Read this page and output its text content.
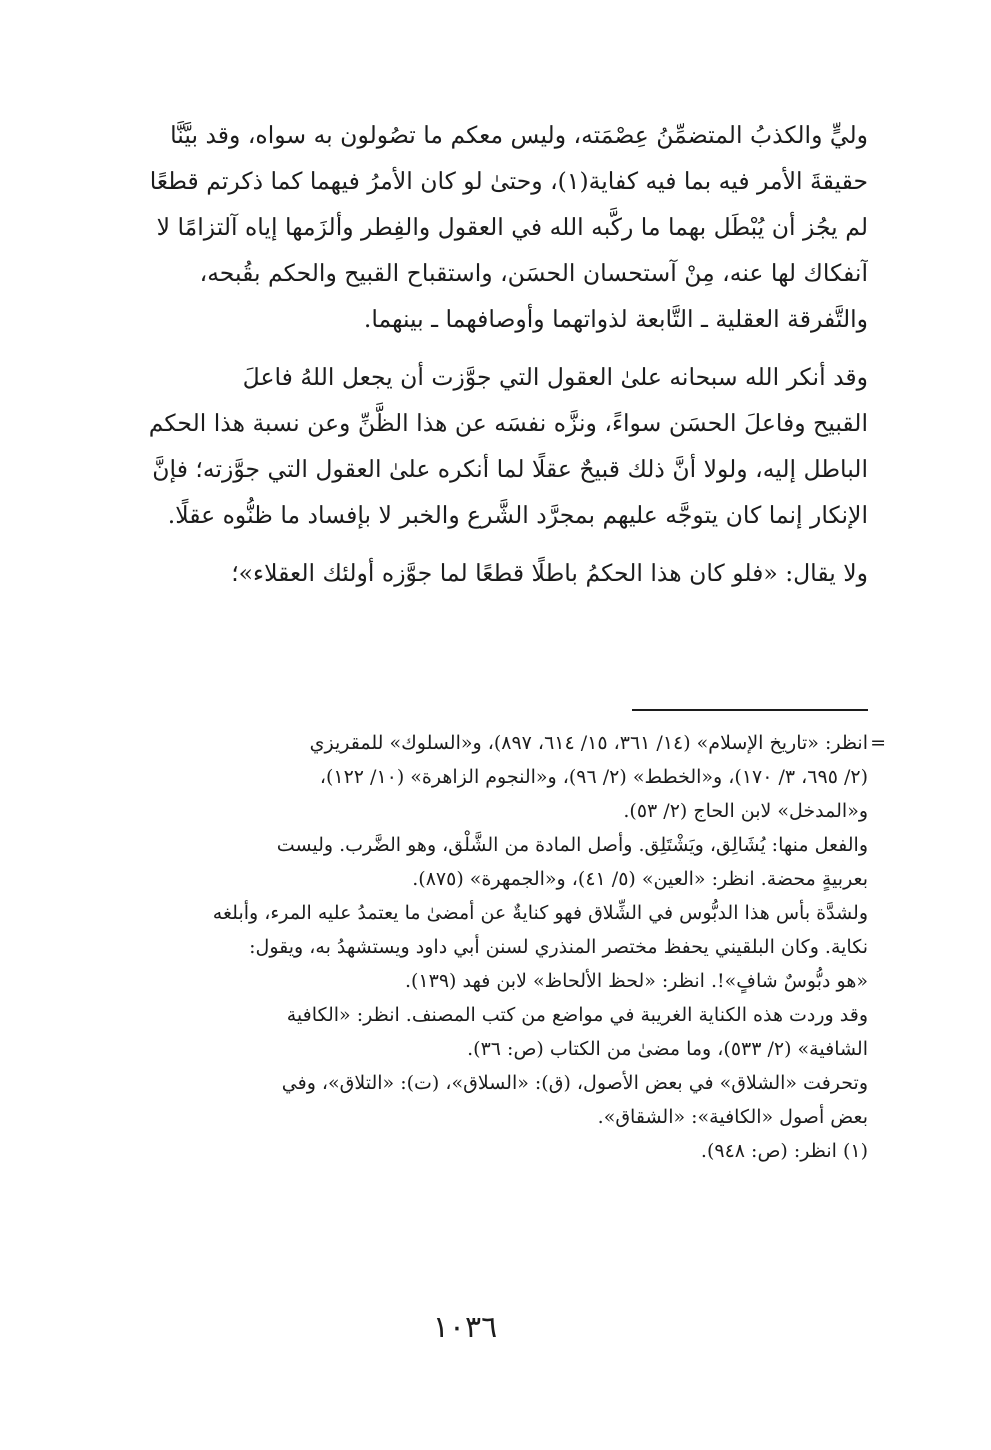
وليٍّ والكذبُ المتضمِّنُ عِصْمَته، وليس معكم ما تصُولون به سواه، وقد بيَّنَّا
حقيقةَ الأمر فيه بما فيه كفاية(١)، وحتىٰ لو كان الأمرُ فيهما كما ذكرتم قطعًا
لم يجُز أن يُبْطَل بهما ما ركَّبه الله في العقول والفِطر وألزَمها إياه آلتزامًا لا
آنفكاك لها عنه، مِنْ آستحسان الحسَن، واستقباح القبيح والحكم بقُبحه،
والتَّفرقة العقلية ـ التَّابعة لذواتهما وأوصافهما ـ بينهما.

وقد أنكر الله سبحانه علىٰ العقول التي جوَّزت أن يجعل اللهُ فاعلَ
القبيح وفاعلَ الحسَن سواءً، ونزَّه نفسَه عن هذا الظَّنِّ وعن نسبة هذا الحكم
الباطل إليه، ولولا أنَّ ذلك قبيحٌ عقلًا لما أنكره علىٰ العقول التي جوَّزته؛ فإنَّ
الإنكار إنما كان يتوجَّه عليهم بمجرَّد الشَّرع والخبر لا بإفساد ما ظنُّوه عقلًا.

ولا يقال: «فلو كان هذا الحكمُ باطلًا قطعًا لما جوَّزه أولئك العقلاء»؛

=
انظر: «تاريخ الإسلام» (١٤/ ٣٦١، ١٥/ ٦١٤، ٨٩٧)، و«السلوك» للمقريزي
(٢/ ٦٩٥، ٣/ ١٧٠)، و«الخطط» (٢/ ٩٦)، و«النجوم الزاهرة» (١٠/ ١٢٢)،
و«المدخل» لابن الحاج (٢/ ٥٣).
والفعل منها: يُشَالِق، ويَشْتَلِق. وأصل المادة من الشَّلْق، وهو الضَّرب. وليست
بعربيةٍ محضة. انظر: «العين» (٥/ ٤١)، و«الجمهرة» (٨٧٥).
ولشدَّة بأس هذا الدبُّوس في الشِّلاق فهو كنايةٌ عن أمضىٰ ما يعتمدُ عليه المرء، وأبلغه
نكاية. وكان البلقيني يحفظ مختصر المنذري لسنن أبي داود ويستشهدُ به، ويقول:
«هو دبُّوسٌ شافٍ»!. انظر: «لحظ الألحاظ» لابن فهد (١٣٩).
وقد وردت هذه الكناية الغريبة في مواضع من كتب المصنف. انظر: «الكافية
الشافية» (٢/ ٥٣٣)، وما مضىٰ من الكتاب (ص: ٣٦).
وتحرفت «الشلاق» في بعض الأصول، (ق): «السلاق»، (ت): «التلاق»، وفي
بعض أصول «الكافية»: «الشقاق».
(١) انظر: (ص: ٩٤٨).
١٠٣٦
